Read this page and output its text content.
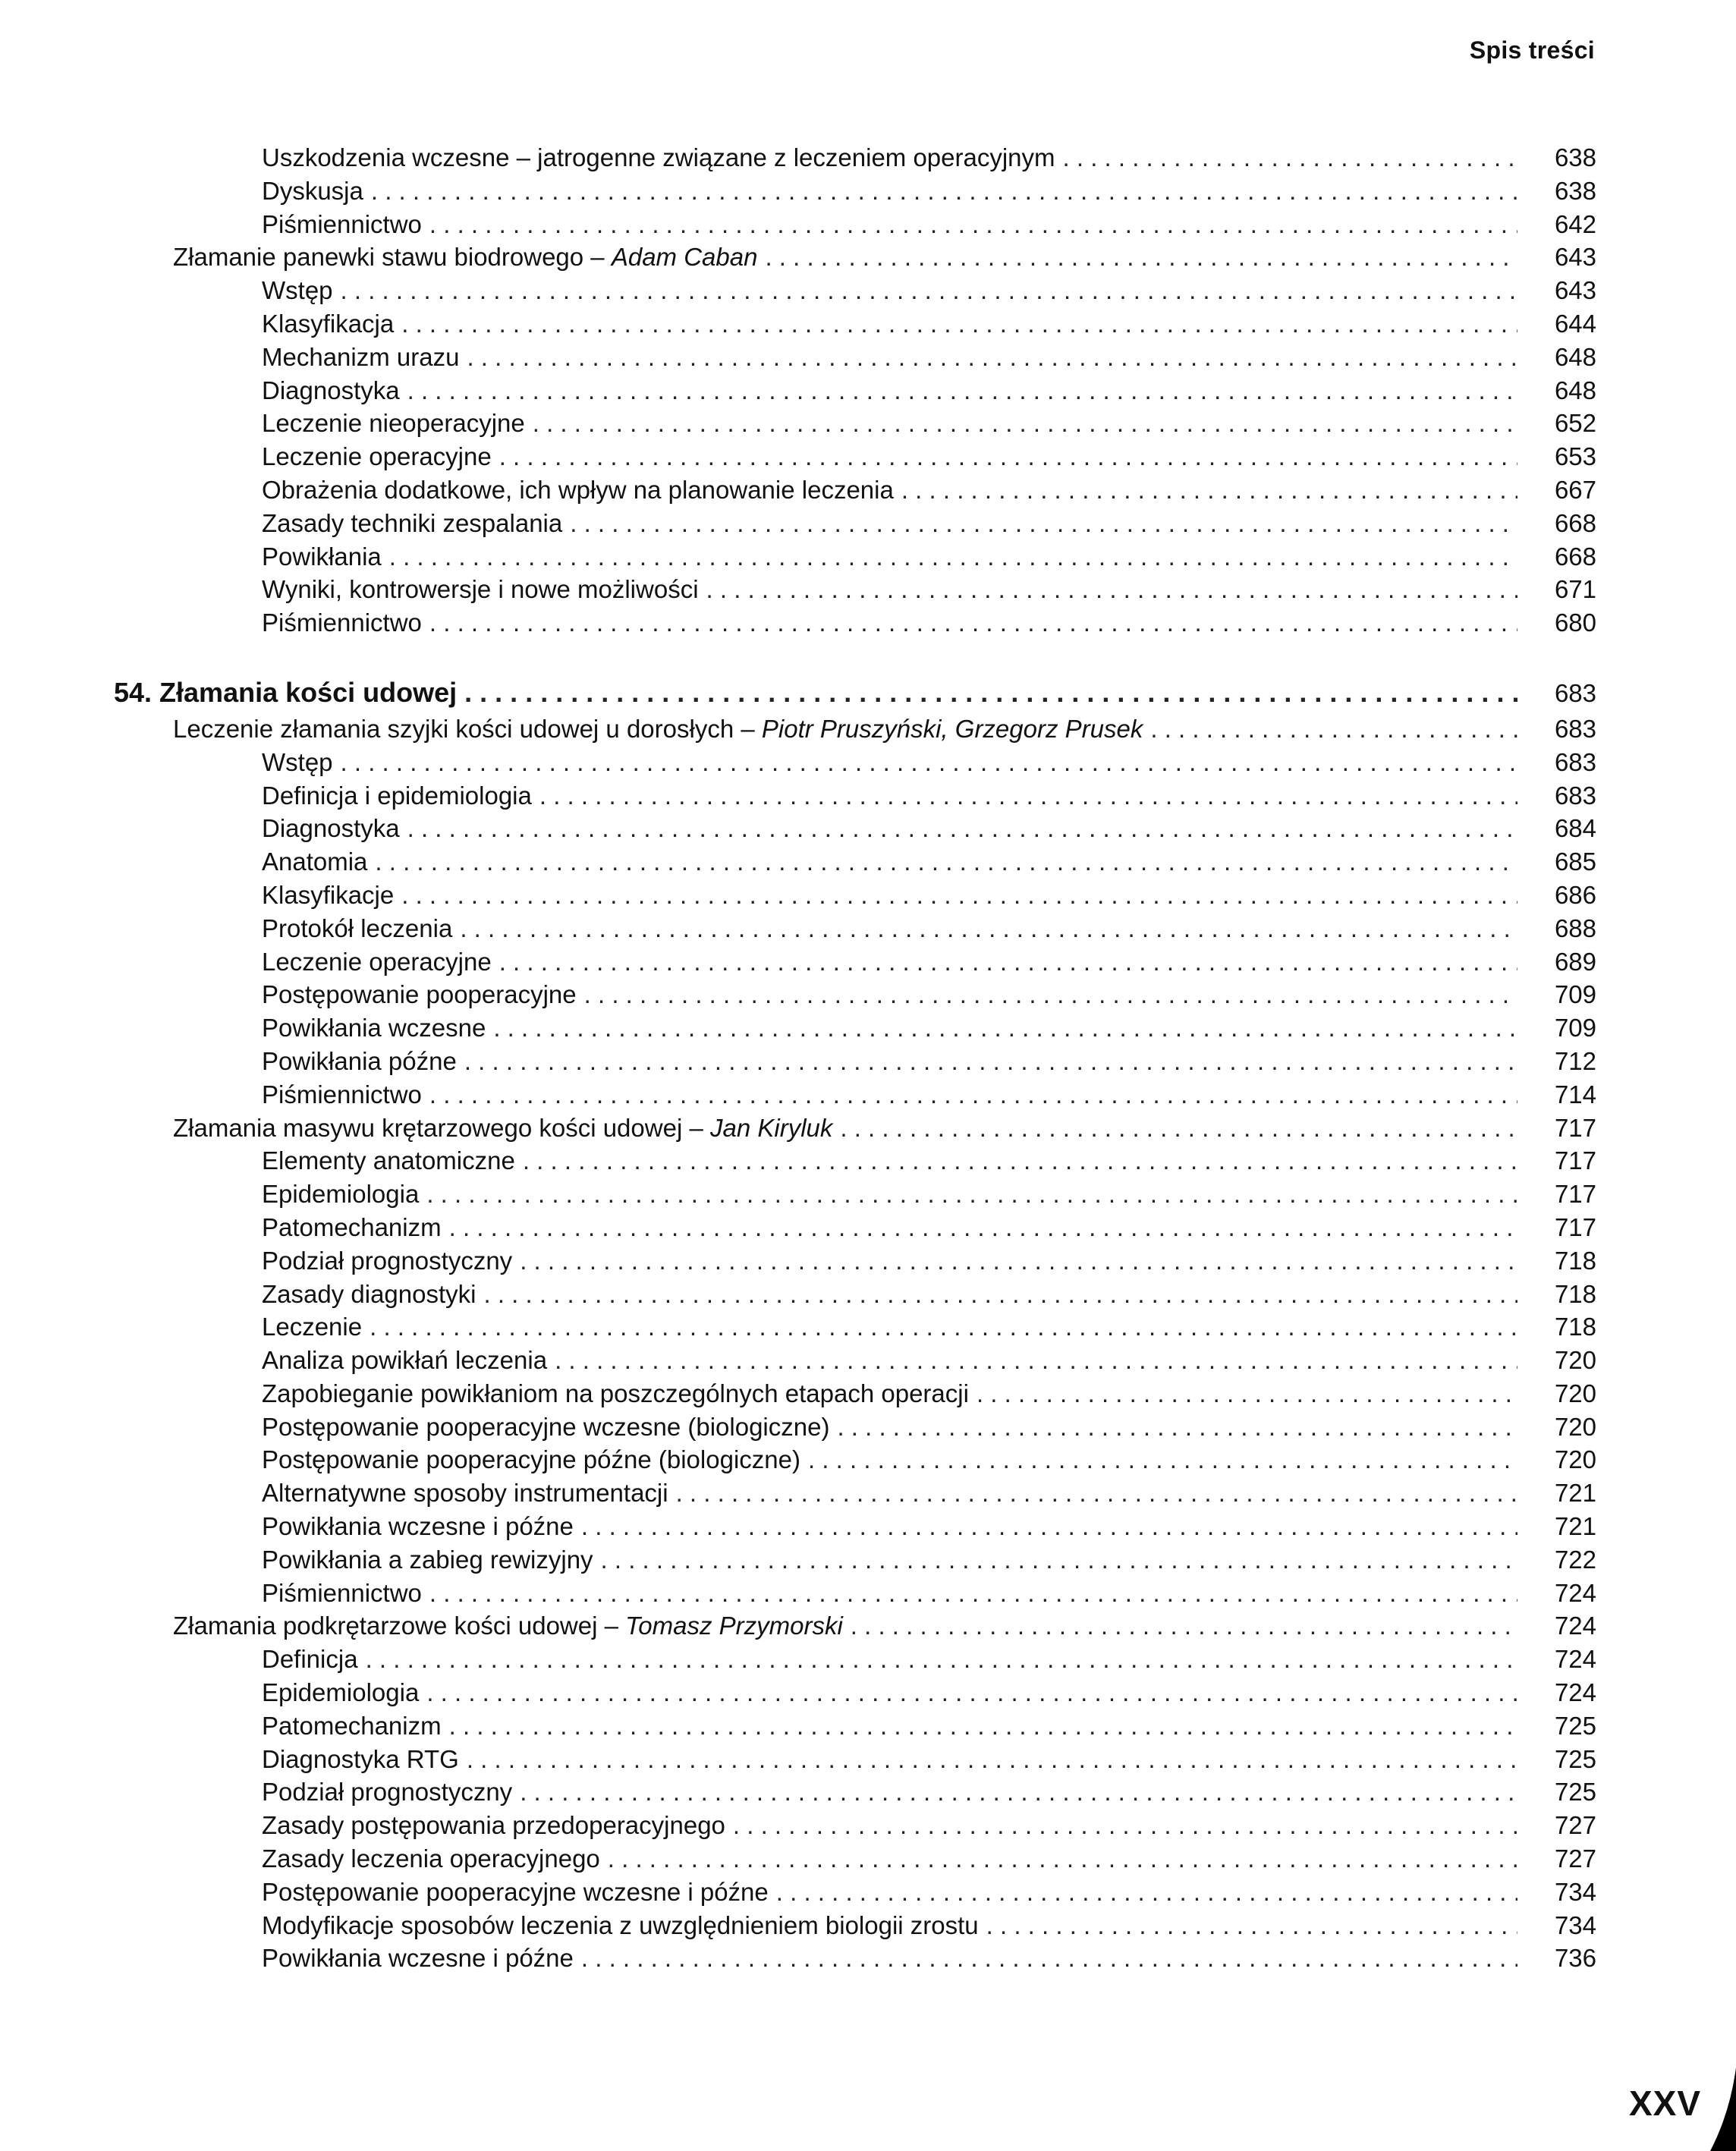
Spis treści
Uszkodzenia wczesne – jatrogenne związane z leczeniem operacyjnym . . .	638
Dyskusja . . .	638
Piśmiennictwo . . .	642
Złamanie panewki stawu biodrowego – Adam Caban . . .	643
Wstęp . . .	643
Klasyfikacja . . .	644
Mechanizm urazu . . .	648
Diagnostyka . . .	648
Leczenie nieoperacyjne . . .	652
Leczenie operacyjne . . .	653
Obrażenia dodatkowe, ich wpływ na planowanie leczenia . . .	667
Zasady techniki zespalania . . .	668
Powikłania . . .	668
Wyniki, kontrowersje i nowe możliwości . . .	671
Piśmiennictwo . . .	680
54. Złamania kości udowej . . .	683
Leczenie złamania szyjki kości udowej u dorosłych – Piotr Pruszyński, Grzegorz Prusek . . .	683
Wstęp . . .	683
Definicja i epidemiologia . . .	683
Diagnostyka . . .	684
Anatomia . . .	685
Klasyfikacje . . .	686
Protokół leczenia . . .	688
Leczenie operacyjne . . .	689
Postępowanie pooperacyjne . . .	709
Powikłania wczesne . . .	709
Powikłania późne . . .	712
Piśmiennictwo . . .	714
Złamania masywu krętarzowego kości udowej – Jan Kiryluk . . .	717
Elementy anatomiczne . . .	717
Epidemiologia . . .	717
Patomechanizm . . .	717
Podział prognostyczny . . .	718
Zasady diagnostyki . . .	718
Leczenie . . .	718
Analiza powikłań leczenia . . .	720
Zapobieganie powikłaniom na poszczególnych etapach operacji . . .	720
Postępowanie pooperacyjne wczesne (biologiczne) . . .	720
Postępowanie pooperacyjne późne (biologiczne) . . .	720
Alternatywne sposoby instrumentacji . . .	721
Powikłania wczesne i późne . . .	721
Powikłania a zabieg rewizyjny . . .	722
Piśmiennictwo . . .	724
Złamania podkrętarzowe kości udowej – Tomasz Przymorski . . .	724
Definicja . . .	724
Epidemiologia . . .	724
Patomechanizm . . .	725
Diagnostyka RTG . . .	725
Podział prognostyczny . . .	725
Zasady postępowania przedoperacyjnego . . .	727
Zasady leczenia operacyjnego . . .	727
Postępowanie pooperacyjne wczesne i późne . . .	734
Modyfikacje sposobów leczenia z uwzględnieniem biologii zrostu . . .	734
Powikłania wczesne i późne . . .	736
XXV
